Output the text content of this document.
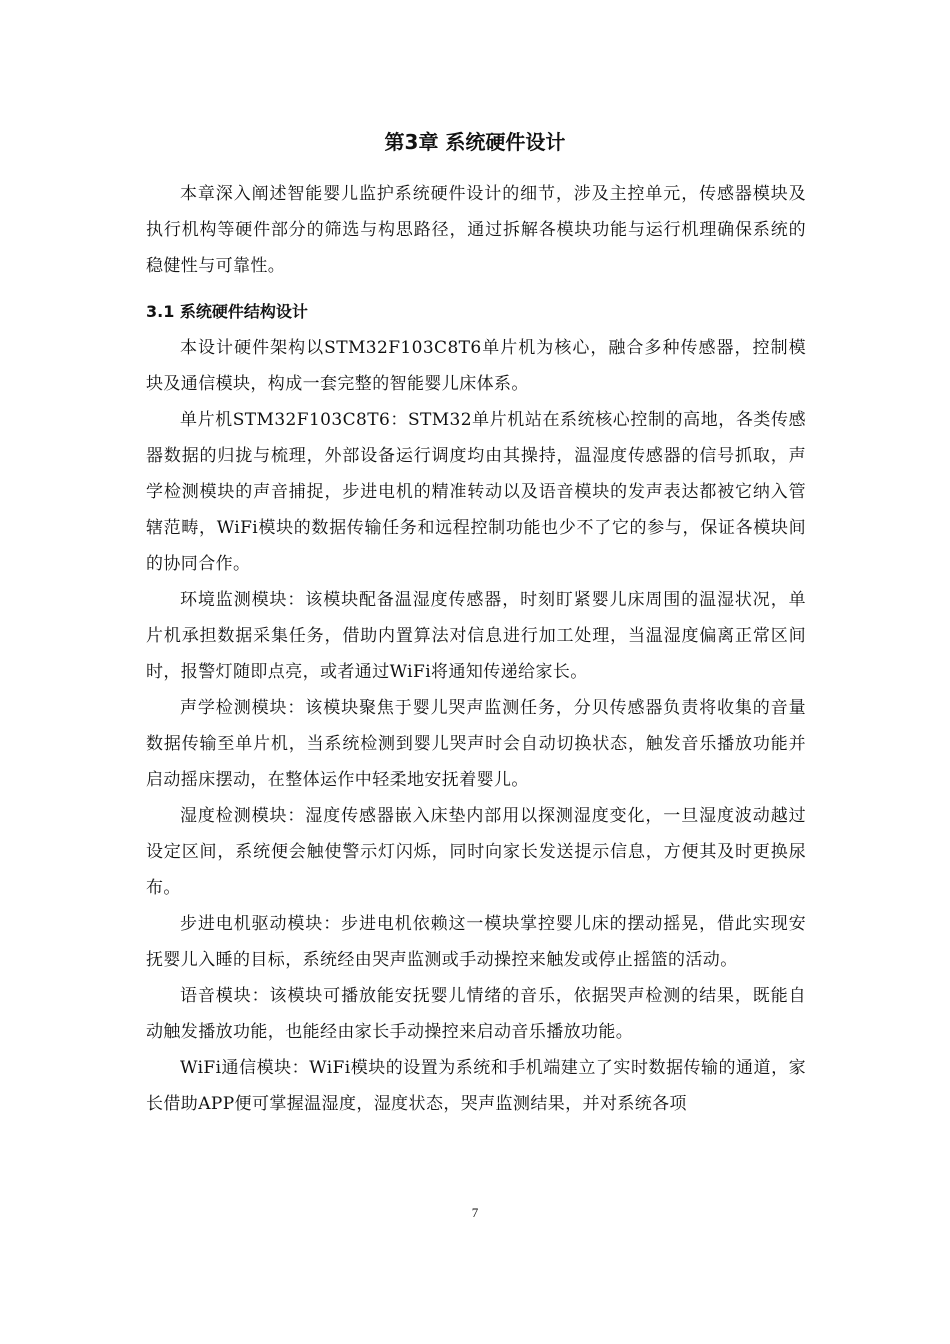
第3章 系统硬件设计

本章深入阐述智能婴儿监护系统硬件设计的细节，涉及主控单元，传感器模块及执行机构等硬件部分的筛选与构思路径，通过拆解各模块功能与运行机理确保系统的稳健性与可靠性。

3.1 系统硬件结构设计

本设计硬件架构以STM32F103C8T6单片机为核心，融合多种传感器，控制模块及通信模块，构成一套完整的智能婴儿床体系。

单片机STM32F103C8T6：STM32单片机站在系统核心控制的高地，各类传感器数据的归拢与梳理，外部设备运行调度均由其操持，温湿度传感器的信号抓取，声学检测模块的声音捕捉，步进电机的精准转动以及语音模块的发声表达都被它纳入管辖范畴，WiFi模块的数据传输任务和远程控制功能也少不了它的参与，保证各模块间的协同合作。

环境监测模块：该模块配备温湿度传感器，时刻盯紧婴儿床周围的温湿状况，单片机承担数据采集任务，借助内置算法对信息进行加工处理，当温湿度偏离正常区间时，报警灯随即点亮，或者通过WiFi将通知传递给家长。

声学检测模块：该模块聚焦于婴儿哭声监测任务，分贝传感器负责将收集的音量数据传输至单片机，当系统检测到婴儿哭声时会自动切换状态，触发音乐播放功能并启动摇床摆动，在整体运作中轻柔地安抚着婴儿。

湿度检测模块：湿度传感器嵌入床垫内部用以探测湿度变化，一旦湿度波动越过设定区间，系统便会触使警示灯闪烁，同时向家长发送提示信息，方便其及时更换尿布。

步进电机驱动模块：步进电机依赖这一模块掌控婴儿床的摆动摇晃，借此实现安抚婴儿入睡的目标，系统经由哭声监测或手动操控来触发或停止摇篮的活动。

语音模块：该模块可播放能安抚婴儿情绪的音乐，依据哭声检测的结果，既能自动触发播放功能，也能经由家长手动操控来启动音乐播放功能。

WiFi通信模块：WiFi模块的设置为系统和手机端建立了实时数据传输的通道，家长借助APP便可掌握温湿度，湿度状态，哭声监测结果，并对系统各项

7
